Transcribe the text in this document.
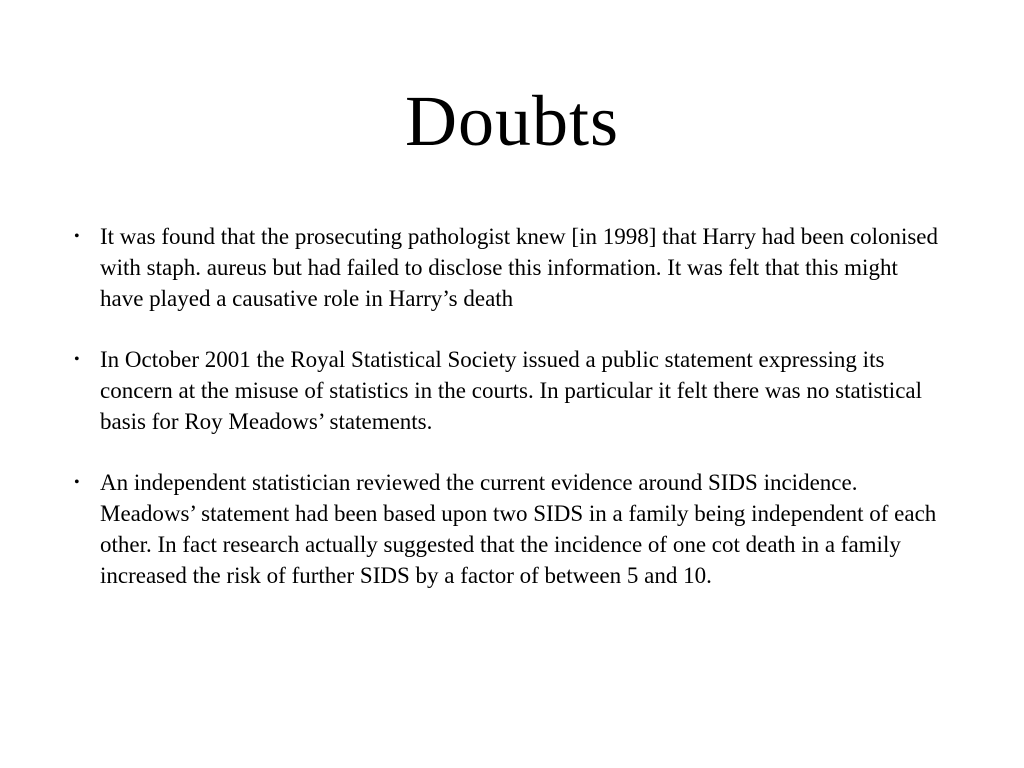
Doubts
• It was found that the prosecuting pathologist knew [in 1998] that Harry had been colonised with staph. aureus but had failed to disclose this information. It was felt that this might have played a causative role in Harry’s death
• In October 2001 the Royal Statistical Society issued a public statement expressing its concern at the misuse of statistics in the courts. In particular it felt there was no statistical basis for Roy Meadows’ statements.
• An independent statistician reviewed the current evidence around SIDS incidence. Meadows’ statement had been based upon two SIDS in a family being independent of each other. In fact research actually suggested that the incidence of one cot death in a family increased the risk of further SIDS by a factor of between 5 and 10.
